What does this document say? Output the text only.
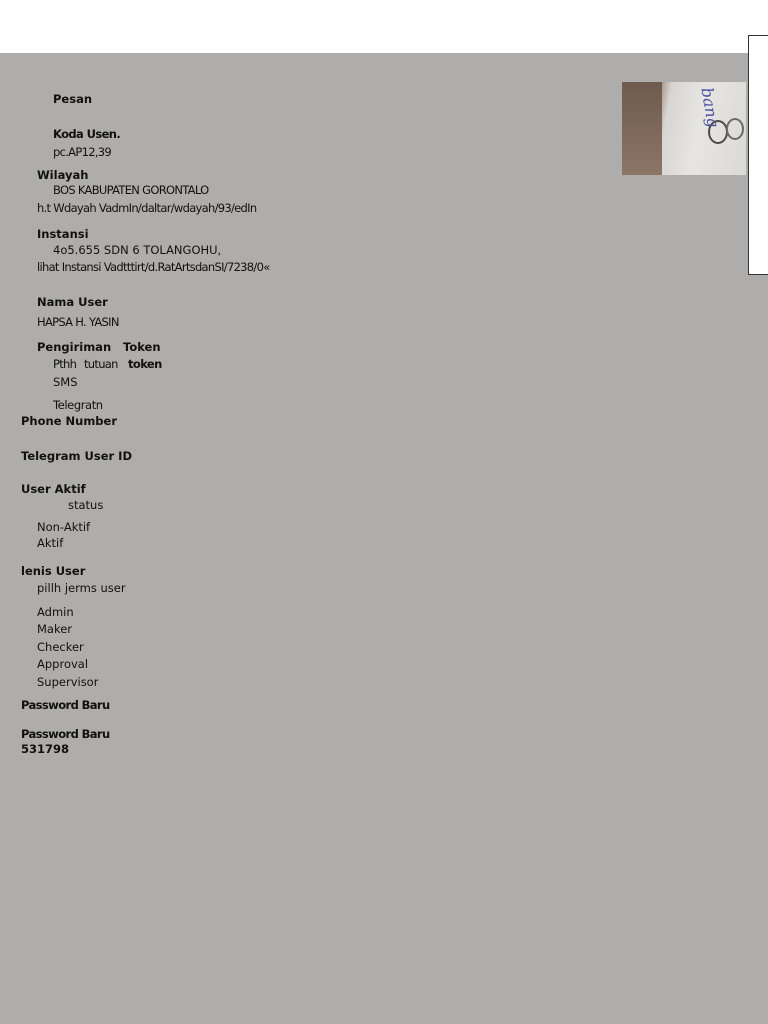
bang
Pesan
Koda Usen.
pc.AP12,39
Wilayah
BOS KABUPATEN GORONTALO
h.t Wdayah VadmIn/daltar/wdayah/93/edIn
Instansi
4o5.655 SDN 6 TOLANGOHU,
lihat Instansi Vadtttirt/d.RatArtsdanSI/7238/0«
Nama User
HAPSA H. YASIN
Pengiriman Token
Pthh tutuan token
SMS
Telegratn
Phone Number
Telegram User ID
User Aktif
status
Non-Aktif
Aktif
lenis User
pillh jerms user
Admin
Maker
Checker
Approval
Supervisor
Password Baru
Password Baru
531798
